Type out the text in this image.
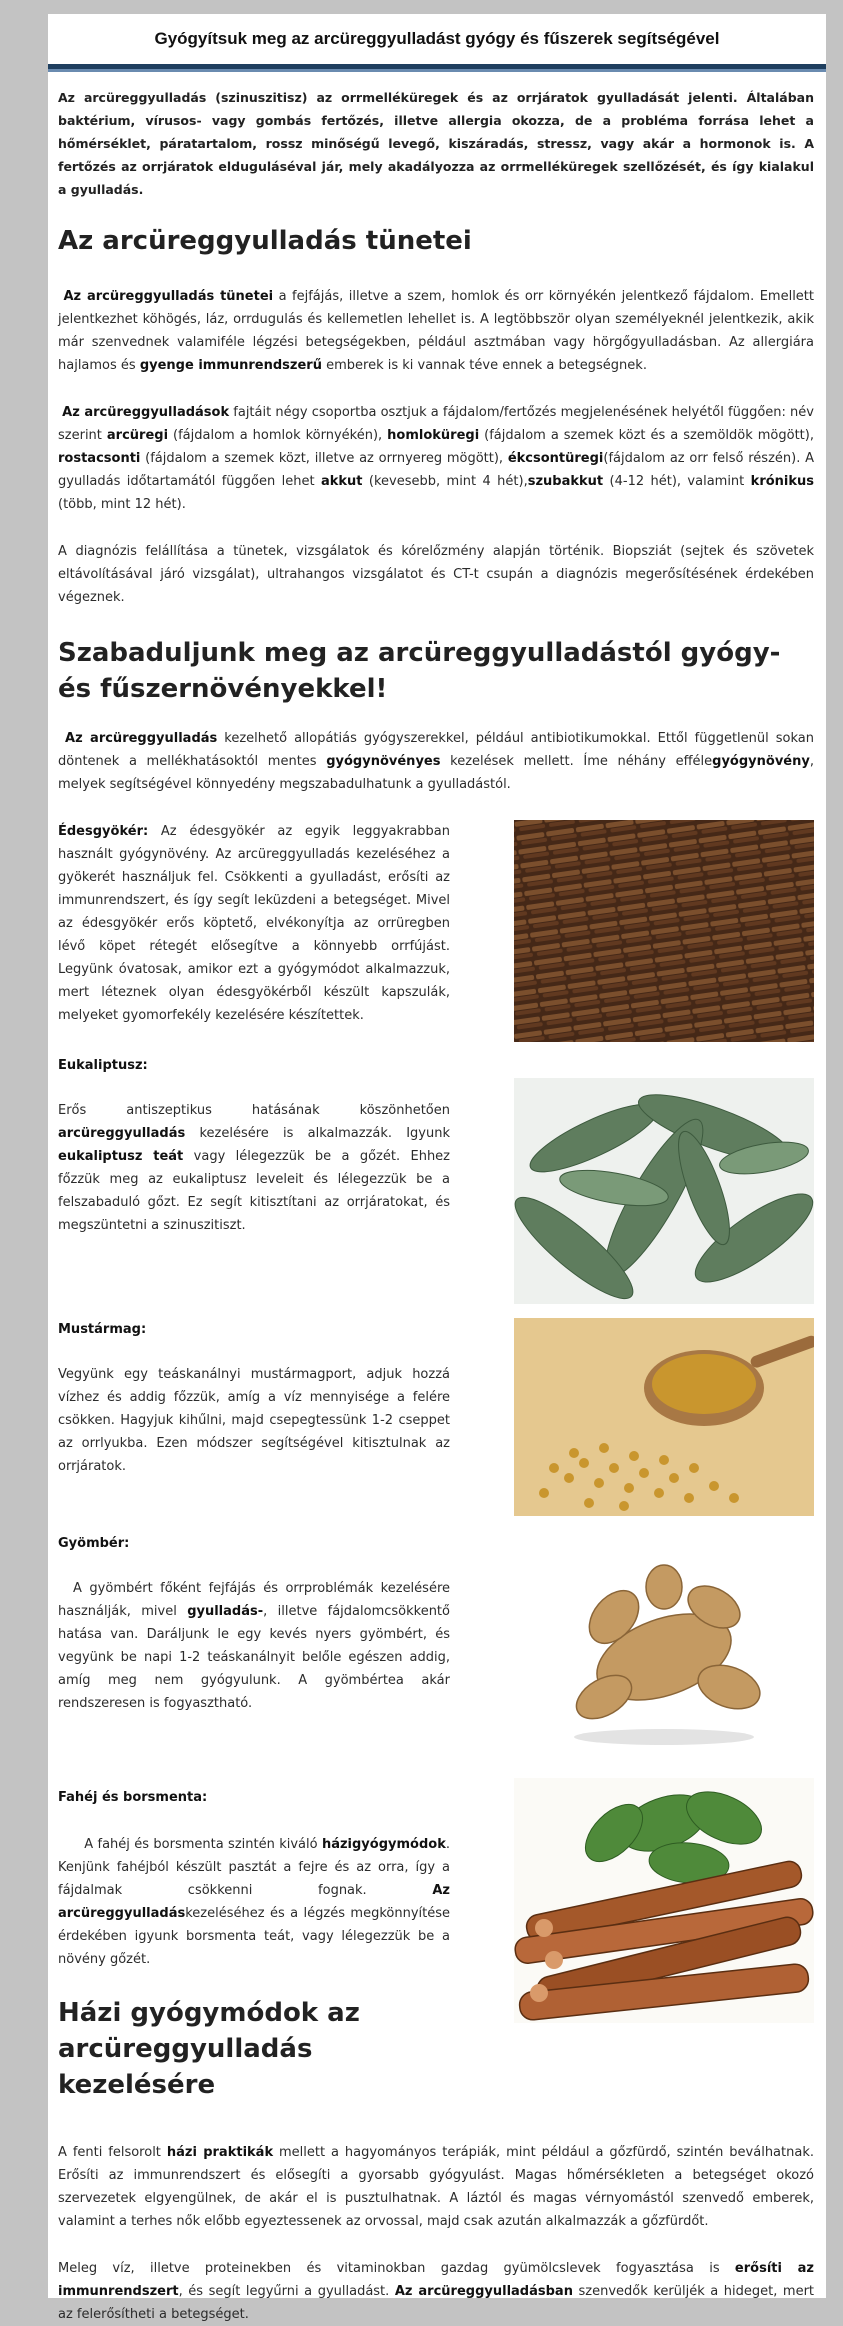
Gyógyítsuk meg az arcüreggyulladást gyógy és fűszerek segítségével

Az arcüreggyulladás (szinuszitisz) az orrmelléküregek és az orrjáratok gyulladását jelenti. Általában baktérium, vírusos- vagy gombás fertőzés, illetve allergia okozza, de a probléma forrása lehet a hőmérséklet, páratartalom, rossz minőségű levegő, kiszáradás, stressz, vagy akár a hormonok is. A fertőzés az orrjáratok elduguláséval jár, mely akadályozza az orrmelléküregek szellőzését, és így kialakul a gyulladás.

Az arcüreggyulladás tünetei

Az arcüreggyulladás tünetei a fejfájás, illetve a szem, homlok és orr környékén jelentkező fájdalom. Emellett jelentkezhet köhögés, láz, orrdugulás és kellemetlen lehellet is. A legtöbbször olyan személyeknél jelentkezik, akik már szenvednek valamiféle légzési betegségekben, például asztmában vagy hörgőgyulladásban. Az allergiára hajlamos és gyenge immunrendszerű emberek is ki vannak téve ennek a betegségnek.

Az arcüreggyulladások fajtáit négy csoportba osztjuk a fájdalom/fertőzés megjelenésének helyétől függően: név szerint arcüregi (fájdalom a homlok környékén), homloküregi (fájdalom a szemek közt és a szemöldök mögött), rostacsonti (fájdalom a szemek közt, illetve az orrnyereg mögött), ékcsontüregi(fájdalom az orr felső részén). A gyulladás időtartamától függően lehet akkut (kevesebb, mint 4 hét),szubakkut (4-12 hét), valamint krónikus (több, mint 12 hét).

A diagnózis felállítása a tünetek, vizsgálatok és kórelőzmény alapján történik. Biopsziát (sejtek és szövetek eltávolításával járó vizsgálat), ultrahangos vizsgálatot és CT-t csupán a diagnózis megerősítésének érdekében végeznek.

Szabaduljunk meg az arcüreggyulladástól gyógy- és fűszernövényekkel!

Az arcüreggyulladás kezelhető allopátiás gyógyszerekkel, például antibiotikumokkal. Ettől függetlenül sokan döntenek a mellékhatásoktól mentes gyógynövényes kezelések mellett. Íme néhány effélegyógynövény, melyek segítségével könnyedény megszabadulhatunk a gyulladástól.

Édesgyökér: Az édesgyökér az egyik leggyakrabban használt gyógynövény. Az arcüreggyulladás kezeléséhez a gyökerét használjuk fel. Csökkenti a gyulladást, erősíti az immunrendszert, és így segít leküzdeni a betegséget. Mivel az édesgyökér erős köptető, elvékonyítja az orrüregben lévő köpet rétegét elősegítve a könnyebb orrfújást. Legyünk óvatosak, amikor ezt a gyógymódot alkalmazzuk, mert léteznek olyan édesgyökérből készült kapszulák, melyeket gyomorfekély kezelésére készítettek.

Eukaliptusz:

Erős antiszeptikus hatásának köszönhetően arcüreggyulladás kezelésére is alkalmazzák. Igyunk eukaliptusz teát vagy lélegezzük be a gőzét. Ehhez főzzük meg az eukaliptusz leveleit és lélegezzük be a felszabaduló gőzt. Ez segít kitisztítani az orrjáratokat, és megszüntetni a szinuszitiszt.

Mustármag:

Vegyünk egy teáskanálnyi mustármagport, adjuk hozzá vízhez és addig főzzük, amíg a víz mennyisége a felére csökken. Hagyjuk kihűlni, majd csepegtessünk 1-2 cseppet az orrlyukba. Ezen módszer segítségével kitisztulnak az orrjáratok.

Gyömbér:

A gyömbért főként fejfájás és orrproblémák kezelésére használják, mivel gyulladás-, illetve fájdalomcsökkentő hatása van. Daráljunk le egy kevés nyers gyömbért, és vegyünk be napi 1-2 teáskanálnyit belőle egészen addig, amíg meg nem gyógyulunk. A gyömbértea akár rendszeresen is fogyasztható.

Fahéj és borsmenta:

A fahéj és borsmenta szintén kiváló házigyógymódok. Kenjünk fahéjból készült pasztát a fejre és az orra, így a fájdalmak csökkenni fognak. Az arcüreggyulladáskezeléséhez és a légzés megkönnyítése érdekében igyunk borsmenta teát, vagy lélegezzük be a növény gőzét.

Házi gyógymódok az arcüreggyulladás kezelésére

A fenti felsorolt házi praktikák mellett a hagyományos terápiák, mint például a gőzfürdő, szintén beválhatnak. Erősíti az immunrendszert és elősegíti a gyorsabb gyógyulást. Magas hőmérsékleten a betegséget okozó szervezetek elgyengülnek, de akár el is pusztulhatnak. A láztól és magas vérnyomástól szenvedő emberek, valamint a terhes nők előbb egyeztessenek az orvossal, majd csak azután alkalmazzák a gőzfürdőt.

Meleg víz, illetve proteinekben és vitaminokban gazdag gyümölcslevek fogyasztása is erősíti az immunrendszert, és segít legyűrni a gyulladást. Az arcüreggyulladásban szenvedők kerüljék a hideget, mert az felerősítheti a betegséget.
